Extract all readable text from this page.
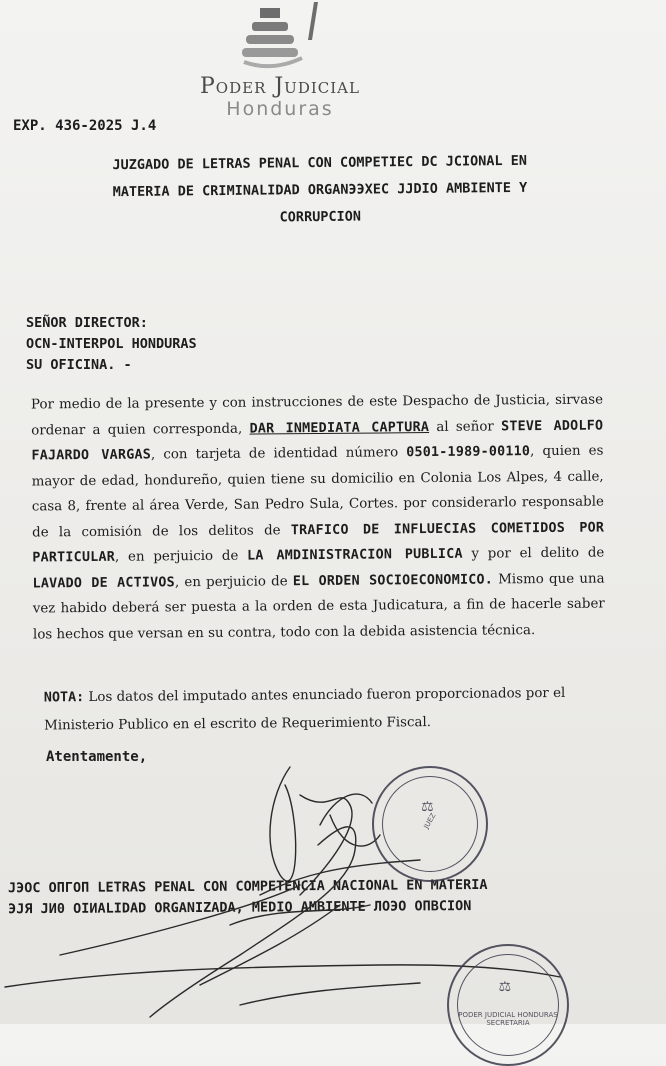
Poder Judicial
Honduras
EXP. 436-2025 J.4
JUZGADO DE LETRAS PENAL CON COMPETIEC DC JCIONAL EN
MATERIA DE CRIMINALIDAD ORGANЭЭXEC JJDIO AMBIENTE Y
CORRUPCION
SEÑOR DIRECTOR:
OCN-INTERPOL HONDURAS
SU OFICINA. -
Por medio de la presente y con instrucciones de este Despacho de Justicia, sirvase ordenar a quien corresponda, DAR INMEDIATA CAPTURA al señor STEVE ADOLFO FAJARDO VARGAS, con tarjeta de identidad número 0501-1989-00110, quien es mayor de edad, hondureño, quien tiene su domicilio en Colonia Los Alpes, 4 calle, casa 8, frente al área Verde, San Pedro Sula, Cortes. por considerarlo responsable de la comisión de los delitos de TRAFICO DE INFLUECIAS COMETIDOS POR PARTICULAR, en perjuicio de LA AMDINISTRACION PUBLICA y por el delito de LAVADO DE ACTIVOS, en perjuicio de EL ORDEN SOCIOECONOMICO. Mismo que una vez habido deberá ser puesta a la orden de esta Judicatura, a fin de hacerle saber los hechos que versan en su contra, todo con la debida asistencia técnica.
NOTA: Los datos del imputado antes enunciado fueron proporcionados por el Ministerio Publico en el escrito de Requerimiento Fiscal.
Atentamente,
ЈЭОС ОПГОП LETRAS PENAL CON COMPETENCIA NACIONAL EN MATERIA
ЭЈЯ ЈИ0 ОІИALIDAD ORGANIZADA, MEDIO AMBIENTE ЛОЭО ОПВСІОN
⚖
JUEZ
⚖
PODER JUDICIAL HONDURAS SECRETARIA
